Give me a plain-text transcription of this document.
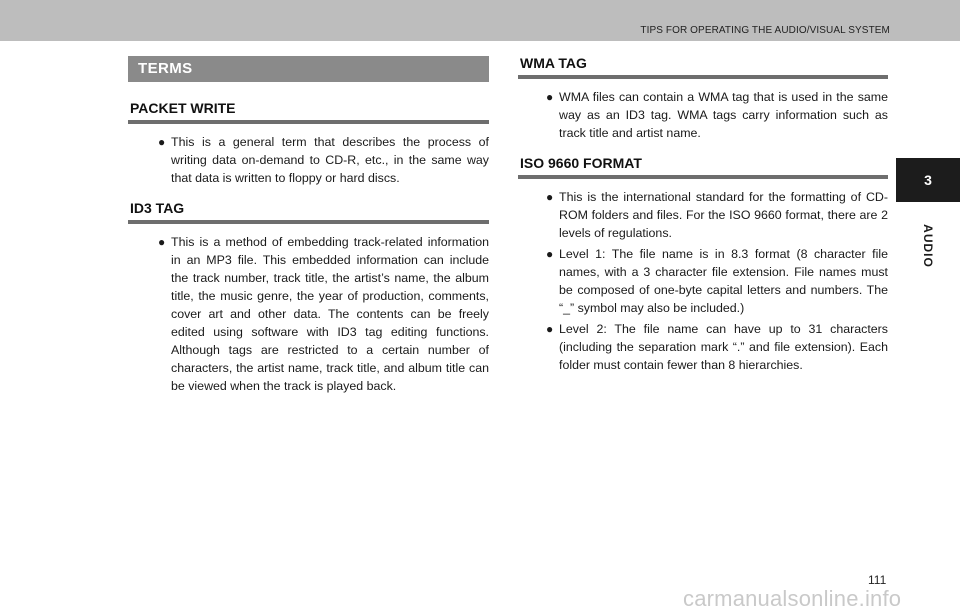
TIPS FOR OPERATING THE AUDIO/VISUAL SYSTEM
3
AUDIO
TERMS
PACKET WRITE
● This is a general term that describes the process of writing data on-demand to CD-R, etc., in the same way that data is written to floppy or hard discs.
ID3 TAG
● This is a method of embedding track-related information in an MP3 file. This embedded information can include the track number, track title, the artist’s name, the album title, the music genre, the year of production, comments, cover art and other data. The contents can be freely edited using software with ID3 tag editing functions. Although tags are restricted to a certain number of characters, the artist name, track title, and album title can be viewed when the track is played back.
WMA TAG
● WMA files can contain a WMA tag that is used in the same way as an ID3 tag. WMA tags carry information such as track title and artist name.
ISO 9660 FORMAT
● This is the international standard for the formatting of CD-ROM folders and files. For the ISO 9660 format, there are 2 levels of regulations.
● Level 1: The file name is in 8.3 format (8 character file names, with a 3 character file extension. File names must be composed of one-byte capital letters and numbers. The “_” symbol may also be included.)
● Level 2: The file name can have up to 31 characters (including the separation mark “.” and file extension). Each folder must contain fewer than 8 hierarchies.
111
carmanualsonline.info
